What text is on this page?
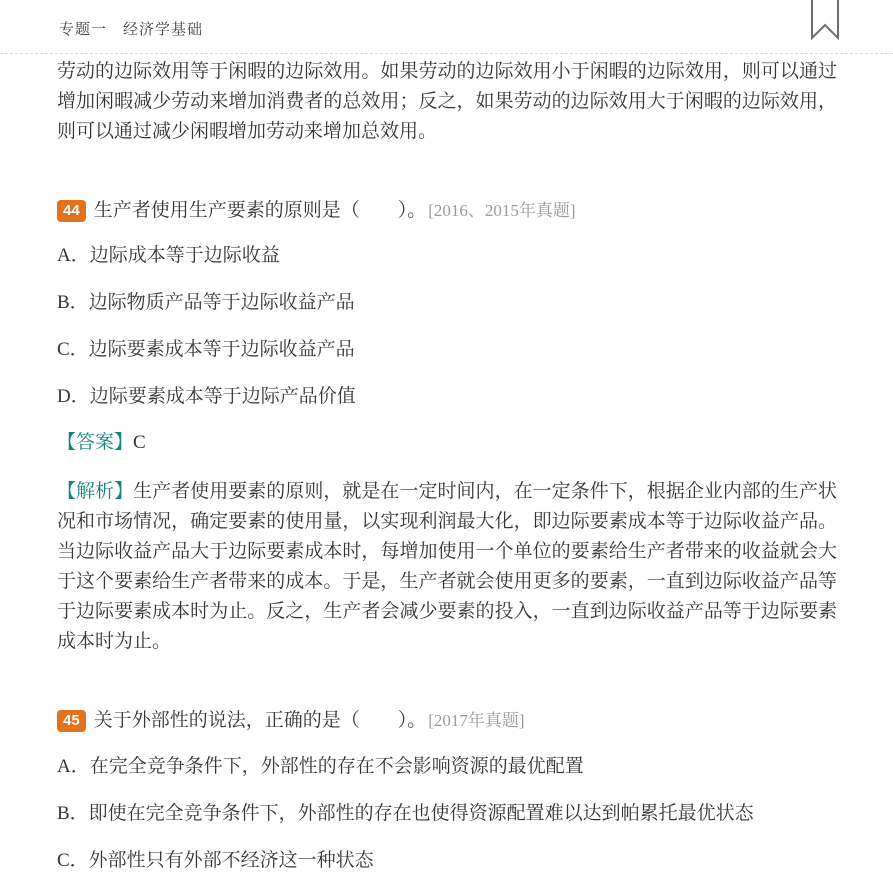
专题一　经济学基础

劳动的边际效用等于闲暇的边际效用。如果劳动的边际效用小于闲暇的边际效用，则可以通过增加闲暇减少劳动来增加消费者的总效用；反之，如果劳动的边际效用大于闲暇的边际效用，则可以通过减少闲暇增加劳动来增加总效用。

44 生产者使用生产要素的原则是（　　）。 [2016、2015年真题]
A．边际成本等于边际收益
B．边际物质产品等于边际收益产品
C．边际要素成本等于边际收益产品
D．边际要素成本等于边际产品价值
【答案】C

【解析】生产者使用要素的原则，就是在一定时间内，在一定条件下，根据企业内部的生产状况和市场情况，确定要素的使用量，以实现利润最大化，即边际要素成本等于边际收益产品。当边际收益产品大于边际要素成本时，每增加使用一个单位的要素给生产者带来的收益就会大于这个要素给生产者带来的成本。于是，生产者就会使用更多的要素，一直到边际收益产品等于边际要素成本时为止。反之，生产者会减少要素的投入，一直到边际收益产品等于边际要素成本时为止。

45 关于外部性的说法，正确的是（　　）。 [2017年真题]
A．在完全竞争条件下，外部性的存在不会影响资源的最优配置
B．即使在完全竞争条件下，外部性的存在也使得资源配置难以达到帕累托最优状态
C．外部性只有外部不经济这一种状态
